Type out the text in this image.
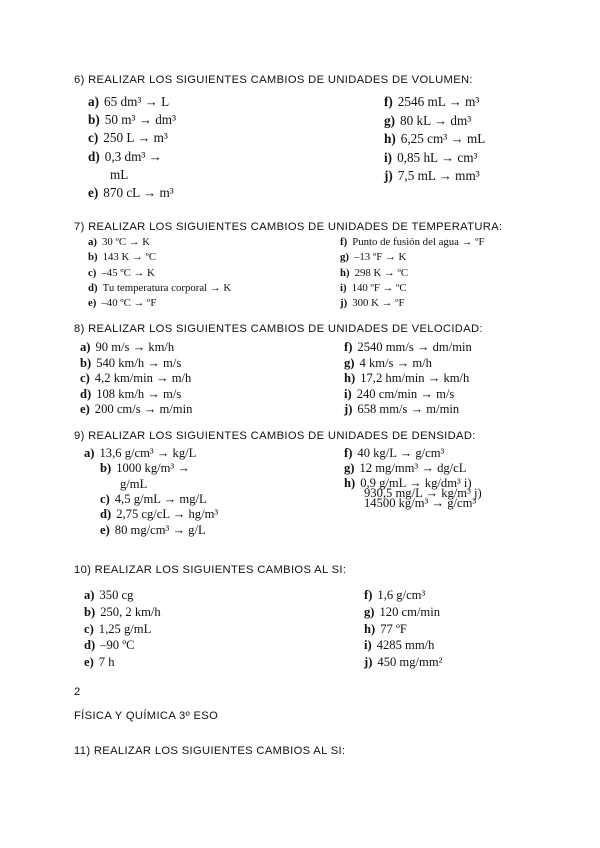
6) REALIZAR LOS SIGUIENTES CAMBIOS DE UNIDADES DE VOLUMEN:
a) 65 dm³ → L
b) 50 m³ → dm³
c) 250 L → m³
d) 0,3 dm³ →
mL
e) 870 cL → m³
f) 2546 mL → m³
g) 80 kL → dm³
h) 6,25 cm³ → mL
i) 0,85 hL → cm³
j) 7,5 mL → mm³
7) REALIZAR LOS SIGUIENTES CAMBIOS DE UNIDADES DE TEMPERATURA:
a) 30 ºC → K
b) 143 K → ºC
c) –45 ºC → K
d) Tu temperatura corporal → K
e) –40 ºC → ºF
f) Punto de fusión del agua → ºF
g) –13 ºF → K
h) 298 K → ºC
i) 140 ºF → ºC
j) 300 K → ºF
8) REALIZAR LOS SIGUIENTES CAMBIOS DE UNIDADES DE VELOCIDAD:
a) 90 m/s → km/h
b) 540 km/h → m/s
c) 4,2 km/min → m/h
d) 108 km/h → m/s
e) 200 cm/s → m/min
f) 2540 mm/s → dm/min
g) 4 km/s → m/h
h) 17,2 hm/min → km/h
i) 240 cm/min → m/s
j) 658 mm/s → m/min
9) REALIZAR LOS SIGUIENTES CAMBIOS DE UNIDADES DE DENSIDAD:
a) 13,6 g/cm³ → kg/L
b) 1000 kg/m³ →
g/mL
c) 4,5 g/mL → mg/L
d) 2,75 cg/cL → hg/m³
e) 80 mg/cm³ → g/L
f) 40 kg/L → g/cm³
g) 12 mg/mm³ → dg/cL
h) 0,9 g/mL → kg/dm³ i)
930,5 mg/L → kg/m³ j)
14500 kg/m³ → g/cm³
10) REALIZAR LOS SIGUIENTES CAMBIOS AL SI:
a) 350 cg
b) 250, 2 km/h
c) 1,25 g/mL
d) –90 ºC
e) 7 h
f) 1,6 g/cm³
g) 120 cm/min
h) 77 ºF
i) 4285 mm/h
j) 450 mg/mm²
2
FÍSICA Y QUÍMICA 3º ESO
11) REALIZAR LOS SIGUIENTES CAMBIOS AL SI:
